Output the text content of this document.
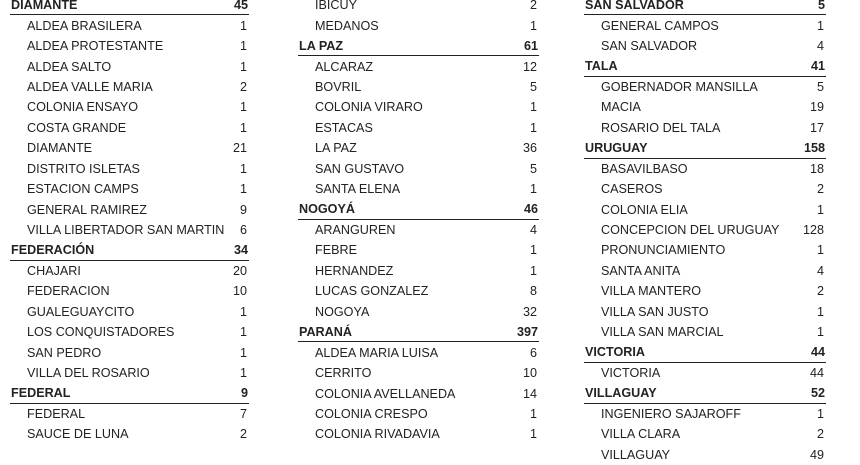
DIAMANTE	45
ALDEA BRASILERA	1
ALDEA PROTESTANTE	1
ALDEA SALTO	1
ALDEA VALLE MARIA	2
COLONIA ENSAYO	1
COSTA GRANDE	1
DIAMANTE	21
DISTRITO ISLETAS	1
ESTACION CAMPS	1
GENERAL RAMIREZ	9
VILLA LIBERTADOR SAN MARTIN 6
FEDERACIÓN	34
CHAJARI	20
FEDERACION	10
GUALEGUAYCITO	1
LOS CONQUISTADORES	1
SAN PEDRO	1
VILLA DEL ROSARIO	1
FEDERAL	9
FEDERAL	7
SAUCE DE LUNA	2
IBICUY	2
MEDANOS	1
LA PAZ	61
ALCARAZ	12
BOVRIL	5
COLONIA VIRARO	1
ESTACAS	1
LA PAZ	36
SAN GUSTAVO	5
SANTA ELENA	1
NOGOYÁ	46
ARANGUREN	4
FEBRE	1
HERNANDEZ	1
LUCAS GONZALEZ	8
NOGOYA	32
PARANÁ	397
ALDEA MARIA LUISA	6
CERRITO	10
COLONIA AVELLANEDA	14
COLONIA CRESPO	1
COLONIA RIVADAVIA	1
SAN SALVADOR	5
GENERAL CAMPOS	1
SAN SALVADOR	4
TALA	41
GOBERNADOR MANSILLA	5
MACIA	19
ROSARIO DEL TALA	17
URUGUAY	158
BASAVILBASO	18
CASEROS	2
COLONIA ELIA	1
CONCEPCION DEL URUGUAY 128
PRONUNCIAMIENTO	1
SANTA ANITA	4
VILLA MANTERO	2
VILLA SAN JUSTO	1
VILLA SAN MARCIAL	1
VICTORIA	44
VICTORIA	44
VILLAGUAY	52
INGENIERO SAJAROFF	1
VILLA CLARA	2
VILLAGUAY	49
